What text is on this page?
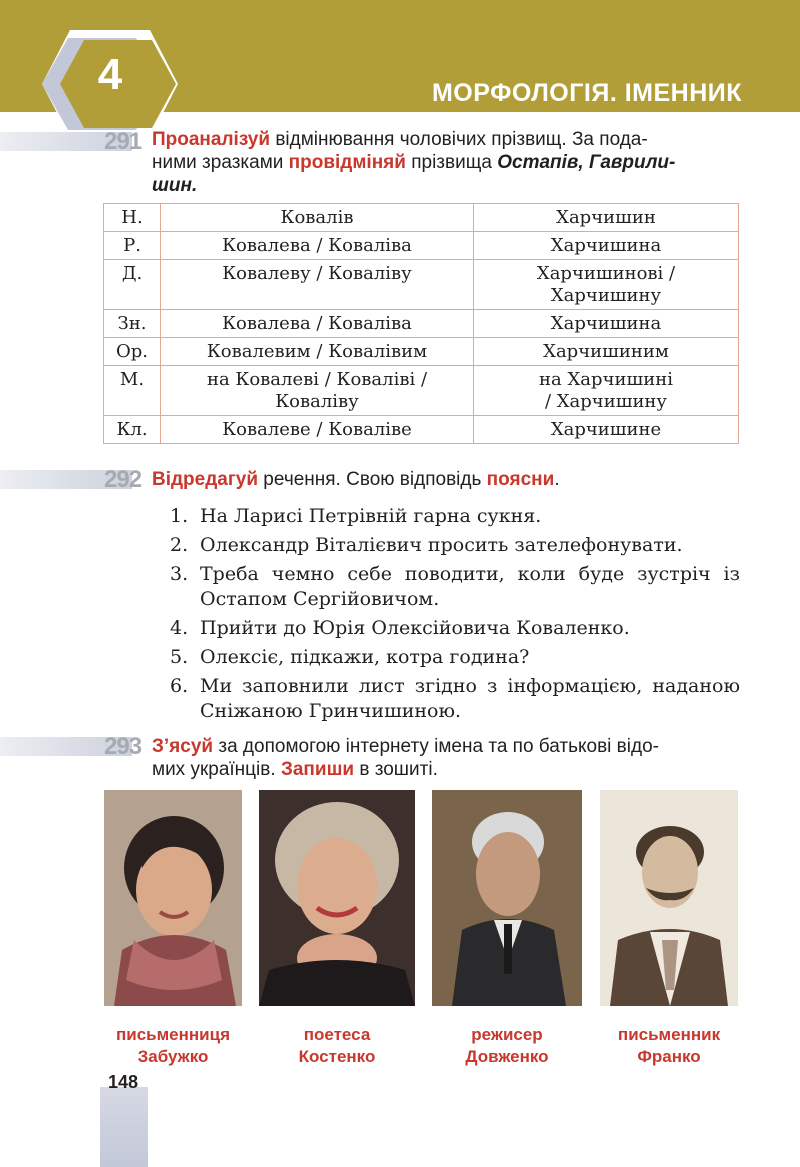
МОРФОЛОГІЯ. ІМЕННИК
4
291 Проаналізуй відмінювання чоловічих прізвищ. За пода-
ними зразками провідміняй прізвища Остапів, Гаврили-
шин.
Н.	Ковалів	Харчишин
Р.	Ковалева / Коваліва	Харчишина
Д.	Ковалеву / Коваліву	Харчишинові / Харчишину
Зн.	Ковалева / Коваліва	Харчишина
Ор.	Ковалевим / Ковалівим	Харчишиним
М.	на Ковалеві / Коваліві / Коваліву	на Харчишині / Харчишину
Кл.	Ковалеве / Коваліве	Харчишине
292 Відредагуй речення. Свою відповідь поясни.
1. На Ларисі Петрівній гарна сукня.
2. Олександр Віталієвич просить зателефонувати.
3. Треба чемно себе поводити, коли буде зустріч із Остапом Сергійовичом.
4. Прийти до Юрія Олексійовича Коваленко.
5. Олексіє, підкажи, котра година?
6. Ми заповнили лист згідно з інформацією, наданою Сніжаною Гринчишиною.
293 З’ясуй за допомогою інтернету імена та по батькові відо-
мих українців. Запиши в зошиті.
письменниця
Забужко
поетеса
Костенко
режисер
Довженко
письменник
Франко
148
